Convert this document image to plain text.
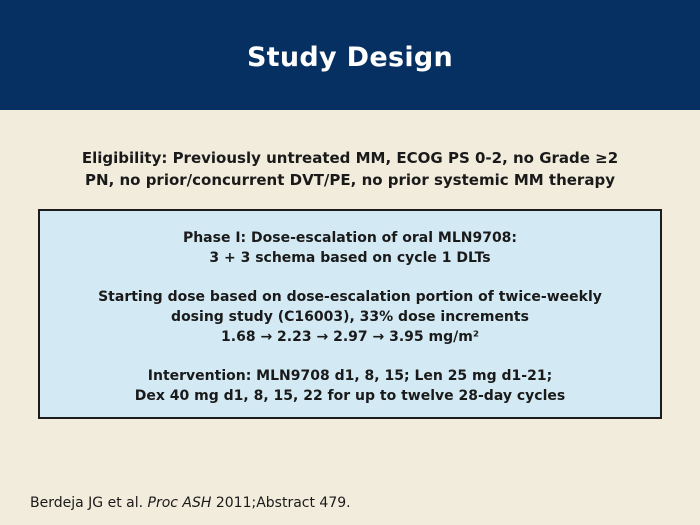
Study Design
Eligibility: Previously untreated MM, ECOG PS 0-2, no Grade ≥2
PN, no prior/concurrent DVT/PE, no prior systemic MM therapy
Phase I: Dose-escalation of oral MLN9708:
3 + 3 schema based on cycle 1 DLTs
Starting dose based on dose-escalation portion of twice-weekly
dosing study (C16003), 33% dose increments
1.68 → 2.23 → 2.97 → 3.95 mg/m²
Intervention: MLN9708 d1, 8, 15; Len 25 mg d1-21;
Dex 40 mg d1, 8, 15, 22 for up to twelve 28-day cycles
Berdeja JG et al. Proc ASH 2011;Abstract 479.
